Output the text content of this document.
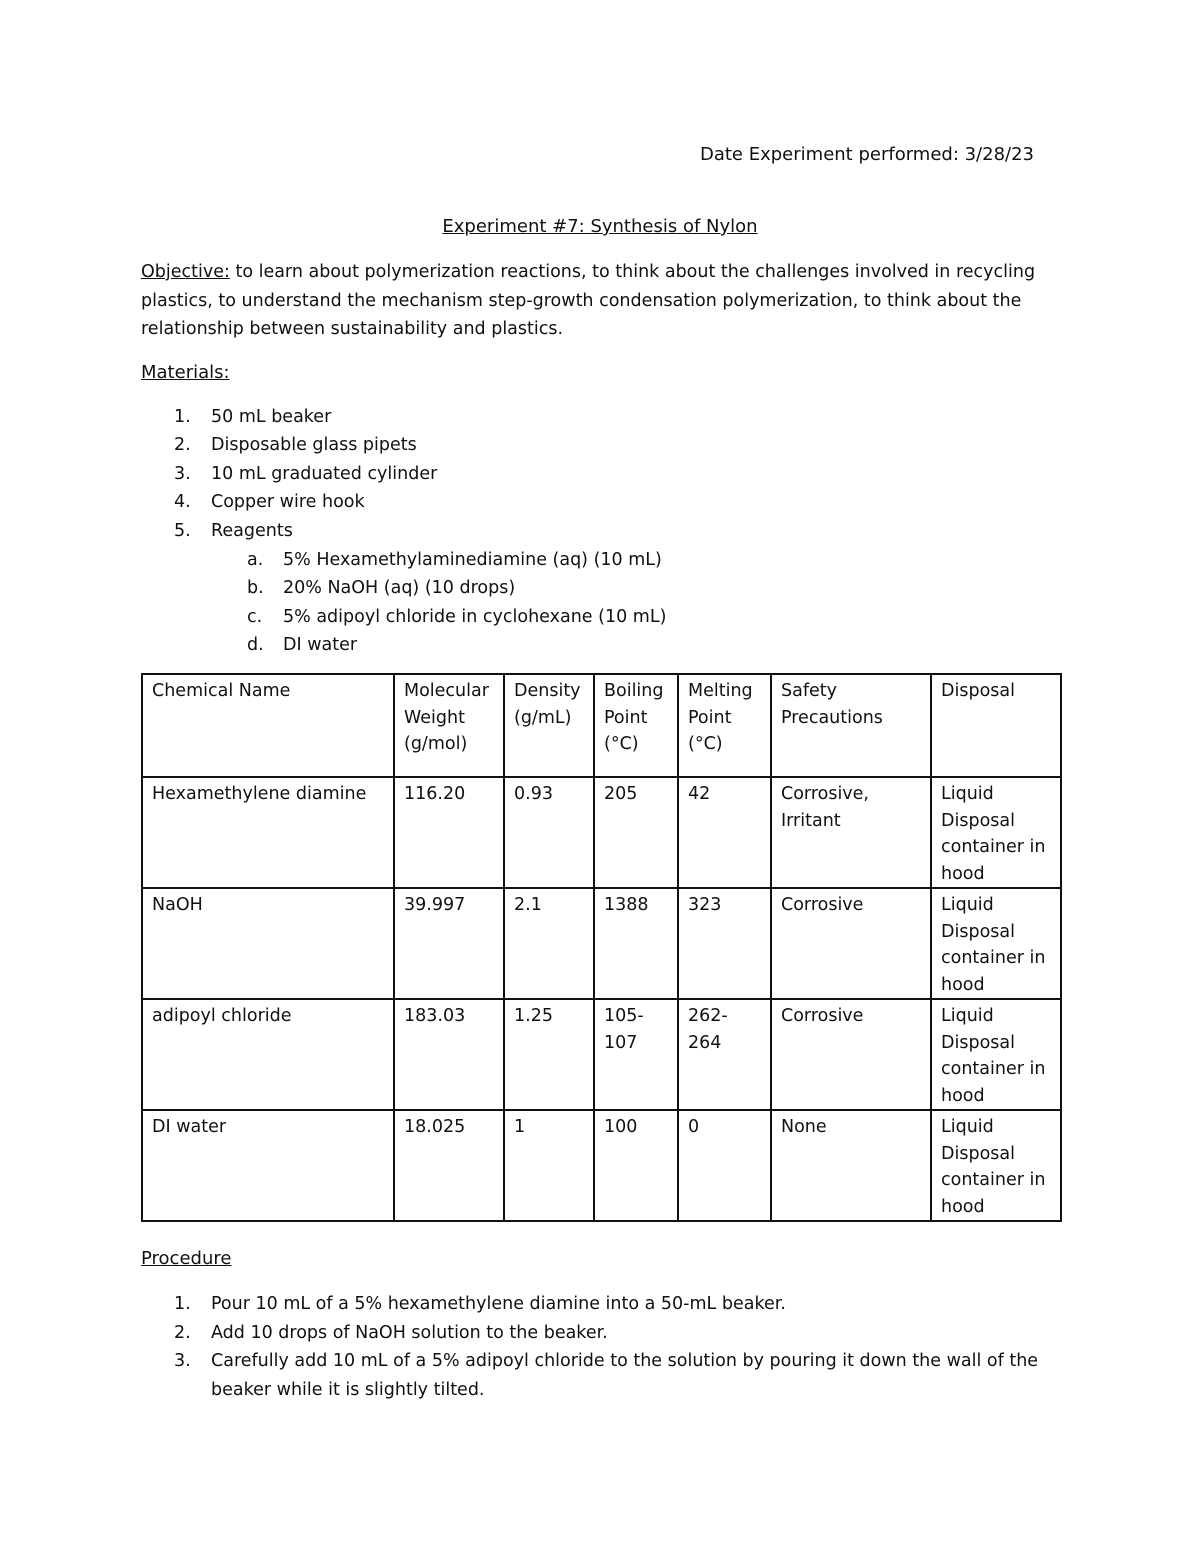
Date Experiment performed: 3/28/23
Experiment #7: Synthesis of Nylon
Objective: to learn about polymerization reactions, to think about the challenges involved in recycling plastics, to understand the mechanism step-growth condensation polymerization, to think about the relationship between sustainability and plastics.
Materials:
1. 50 mL beaker
2. Disposable glass pipets
3. 10 mL graduated cylinder
4. Copper wire hook
5. Reagents
a. 5% Hexamethylaminediamine (aq) (10 mL)
b. 20% NaOH (aq) (10 drops)
c. 5% adipoyl chloride in cyclohexane (10 mL)
d. DI water
Chemical Name	Molecular Weight (g/mol)	Density (g/mL)	Boiling Point (°C)	Melting Point (°C)	Safety Precautions	Disposal
Hexamethylene diamine	116.20	0.93	205	42	Corrosive, Irritant	Liquid Disposal container in hood
NaOH	39.997	2.1	1388	323	Corrosive	Liquid Disposal container in hood
adipoyl chloride	183.03	1.25	105-107	262-264	Corrosive	Liquid Disposal container in hood
DI water	18.025	1	100	0	None	Liquid Disposal container in hood
Procedure
1. Pour 10 mL of a 5% hexamethylene diamine into a 50-mL beaker.
2. Add 10 drops of NaOH solution to the beaker.
3. Carefully add 10 mL of a 5% adipoyl chloride to the solution by pouring it down the wall of the beaker while it is slightly tilted.
